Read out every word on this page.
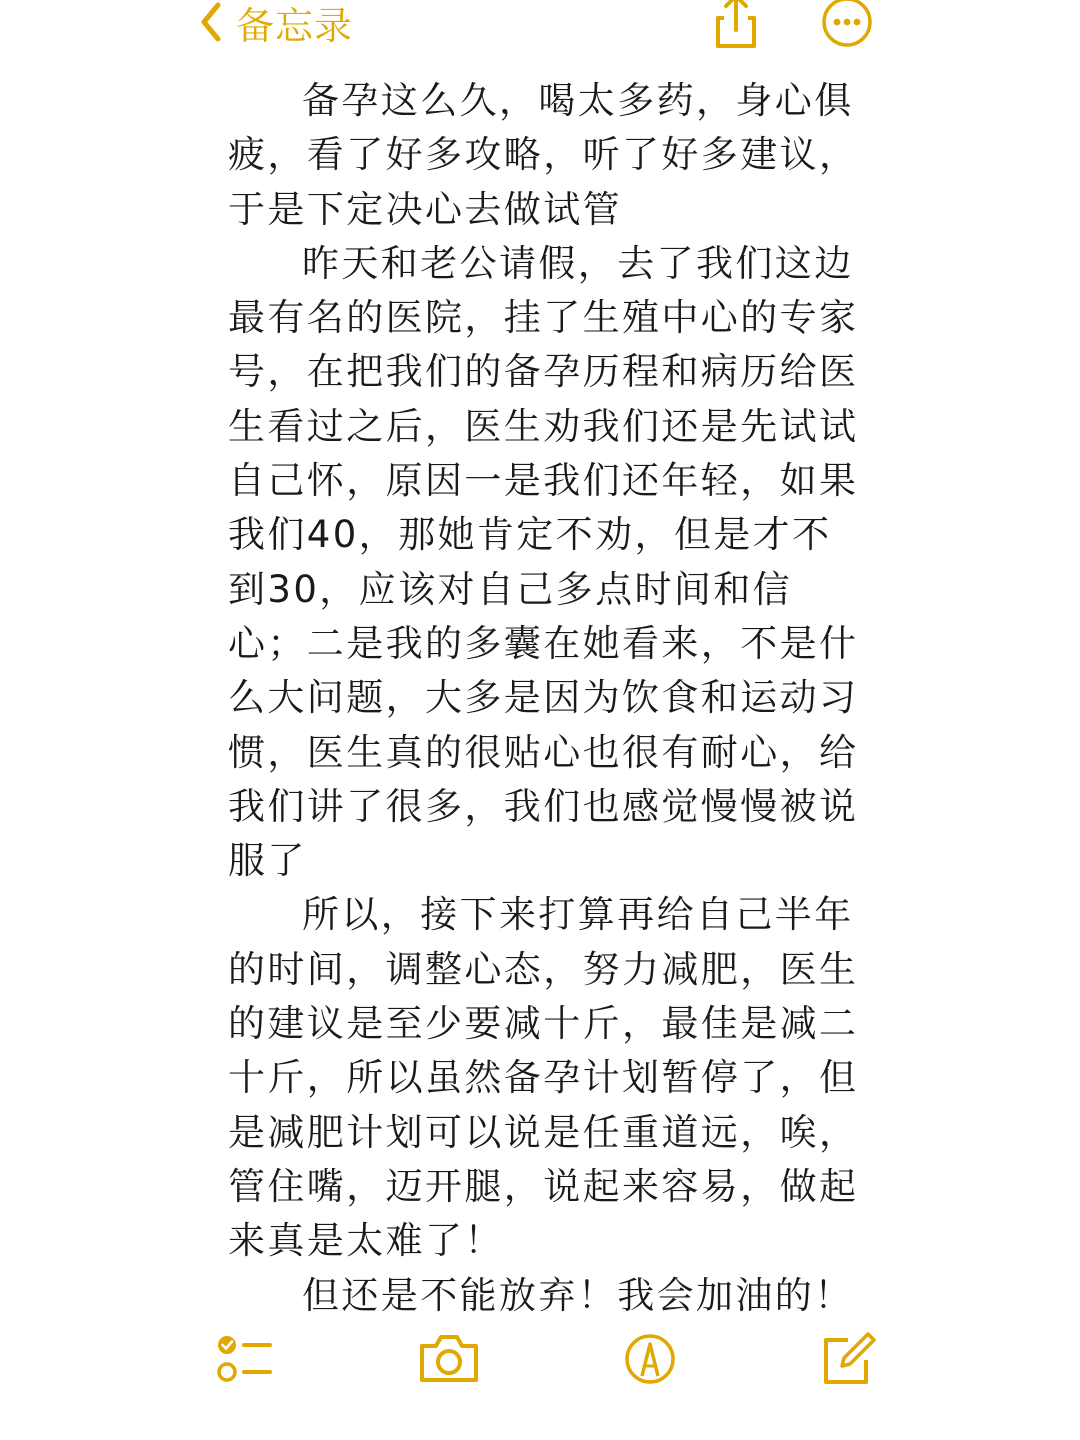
备忘录

备孕这么久，喝太多药，身心俱疲，看了好多攻略，听了好多建议，于是下定决心去做试管

昨天和老公请假，去了我们这边最有名的医院，挂了生殖中心的专家号，在把我们的备孕历程和病历给医生看过之后，医生劝我们还是先试试自己怀，原因一是我们还年轻，如果我们40，那她肯定不劝，但是才不到30，应该对自己多点时间和信心；二是我的多囊在她看来，不是什么大问题，大多是因为饮食和运动习惯，医生真的很贴心也很有耐心，给我们讲了很多，我们也感觉慢慢被说服了

所以，接下来打算再给自己半年的时间，调整心态，努力减肥，医生的建议是至少要减十斤，最佳是减二十斤，所以虽然备孕计划暂停了，但是减肥计划可以说是任重道远，唉，管住嘴，迈开腿，说起来容易，做起来真是太难了！

但还是不能放弃！我会加油的！
